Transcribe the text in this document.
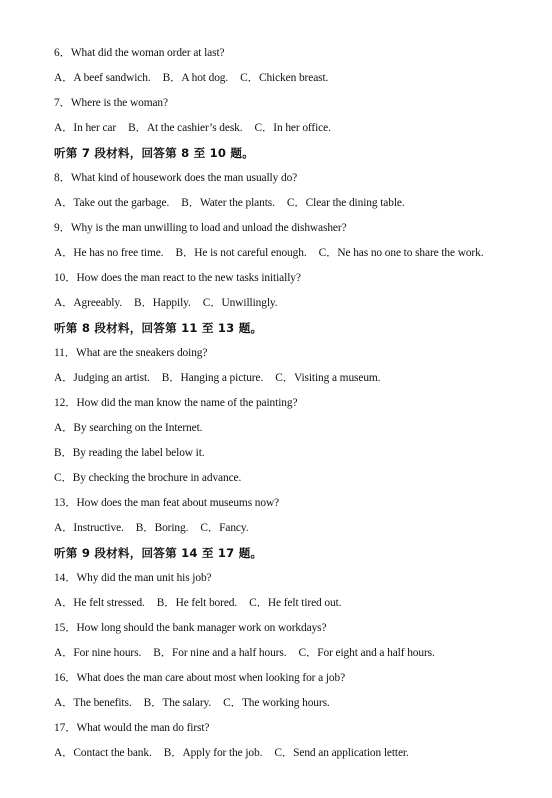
6．What did the woman order at last?
A．A beef sandwich. B．A hot dog. C．Chicken breast.
7．Where is the woman?
A．In her car B．At the cashier’s desk. C．In her office.
听第 7 段材料，回答第 8 至 10 题。
8．What kind of housework does the man usually do?
A．Take out the garbage. B．Water the plants. C．Clear the dining table.
9．Why is the man unwilling to load and unload the dishwasher?
A．He has no free time. B．He is not careful enough. C．Ne has no one to share the work.
10．How does the man react to the new tasks initially?
A．Agreeably. B．Happily. C．Unwillingly.
听第 8 段材料，回答第 11 至 13 题。
11．What are the sneakers doing?
A．Judging an artist. B．Hanging a picture. C．Visiting a museum.
12．How did the man know the name of the painting?
A．By searching on the Internet.
B．By reading the label below it.
C．By checking the brochure in advance.
13．How does the man feat about museums now?
A．Instructive. B．Boring. C．Fancy.
听第 9 段材料，回答第 14 至 17 题。
14．Why did the man unit his job?
A．He felt stressed. B．He felt bored. C．He felt tired out.
15．How long should the bank manager work on workdays?
A．For nine hours. B．For nine and a half hours. C．For eight and a half hours.
16．What does the man care about most when looking for a job?
A．The benefits. B．The salary. C．The working hours.
17．What would the man do first?
A．Contact the bank. B．Apply for the job. C．Send an application letter.
